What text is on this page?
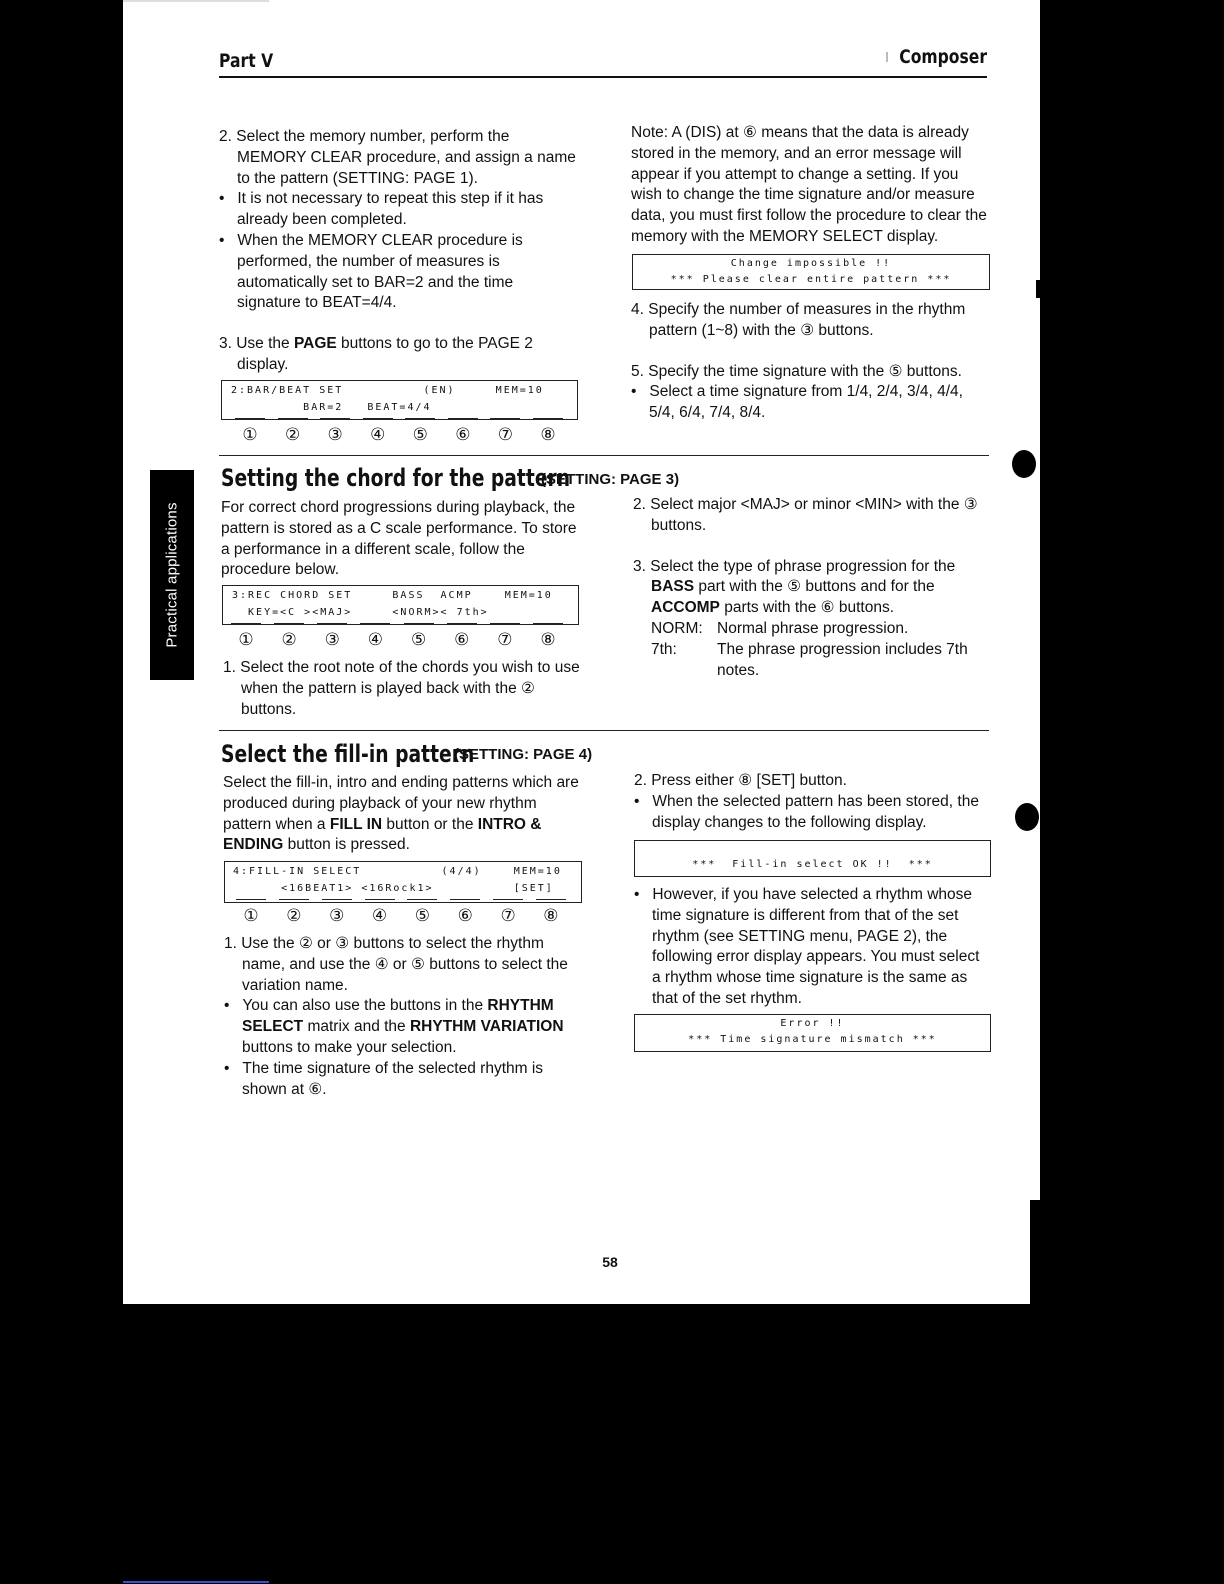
Practical applications
Part V	Composer

2. Select the memory number, perform the MEMORY CLEAR procedure, and assign a name to the pattern (SETTING: PAGE 1).

•   It is not necessary to repeat this step if it has already been completed.

•   When the MEMORY CLEAR procedure is performed, the number of measures is automatically set to BAR=2 and the time signature to BEAT=4/4.

3. Use the PAGE buttons to go to the PAGE 2 display.

2:BAR/BEAT SET          (EN)     MEM=10
BAR=2   BEAT=4/4
① ② ③ ④ ⑤ ⑥ ⑦ ⑧

Note: A (DIS) at ⑥ means that the data is already stored in the memory, and an error message will appear if you attempt to change a setting. If you wish to change the time signature and/or measure data, you must first follow the procedure to clear the memory with the MEMORY SELECT display.

Change impossible !!
*** Please clear entire pattern ***

4. Specify the number of measures in the rhythm pattern (1~8) with the ③ buttons.

5. Specify the time signature with the ⑤ buttons.

•   Select a time signature from 1/4, 2/4, 3/4, 4/4, 5/4, 6/4, 7/4, 8/4.

Setting the chord for the pattern
(SETTING: PAGE 3)

For correct chord progressions during playback, the pattern is stored as a C scale performance. To store a performance in a different scale, follow the procedure below.

3:REC CHORD SET     BASS  ACMP    MEM=10
KEY=<C ><MAJ>     <NORM>< 7th>
① ② ③ ④ ⑤ ⑥ ⑦ ⑧

1. Select the root note of the chords you wish to use when the pattern is played back with the ② buttons.

2. Select major <MAJ> or minor <MIN> with the ③ buttons.

3. Select the type of phrase progression for the BASS part with the ⑤ buttons and for the ACCOMP parts with the ⑥ buttons.

NORM: Normal phrase progression.
7th:	The phrase progression includes 7th notes.
Select the fill-in pattern
(SETTING: PAGE 4)

Select the fill-in, intro and ending patterns which are produced during playback of your new rhythm pattern when a FILL IN button or the INTRO & ENDING button is pressed.

4:FILL-IN SELECT          (4/4)    MEM=10
<16BEAT1> <16Rock1>          [SET]
① ② ③ ④ ⑤ ⑥ ⑦ ⑧

1. Use the ② or ③ buttons to select the rhythm name, and use the ④ or ⑤ buttons to select the variation name.

•   You can also use the buttons in the RHYTHM SELECT matrix and the RHYTHM VARIATION buttons to make your selection.

•   The time signature of the selected rhythm is shown at ⑥.

2. Press either ⑧ [SET] button.

•   When the selected pattern has been stored, the display changes to the following display.

***  Fill-in select OK !!  ***

•   However, if you have selected a rhythm whose time signature is different from that of the set rhythm (see SETTING menu, PAGE 2), the following error display appears. You must select a rhythm whose time signature is the same as that of the set rhythm.

Error !!
*** Time signature mismatch ***
58
